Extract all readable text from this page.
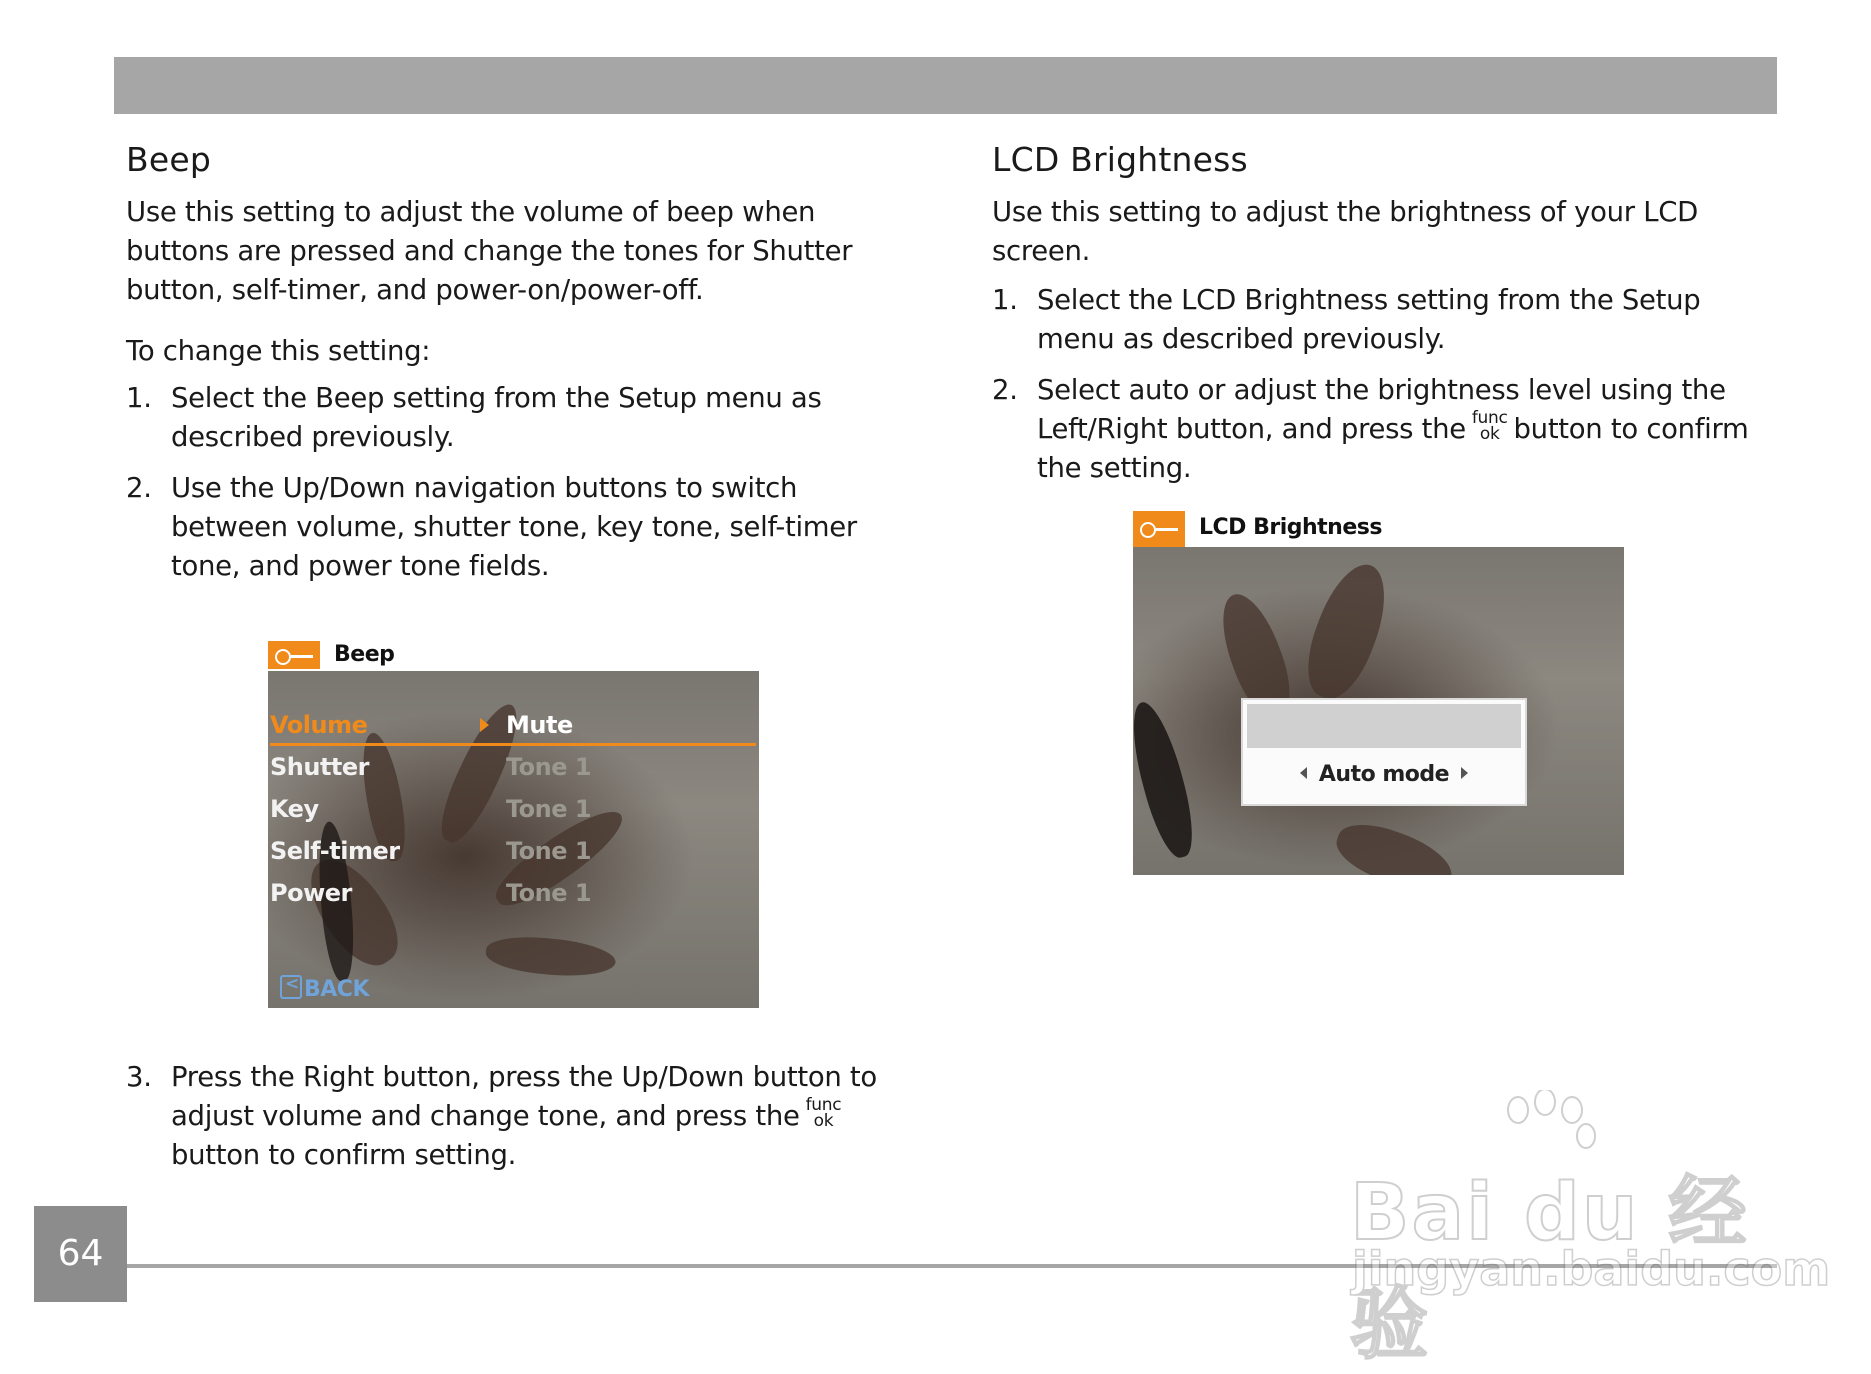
Beep

Use this setting to adjust the volume of beep when buttons are pressed and change the tones for Shutter button, self-timer, and power-on/power-off.

To change this setting:

1. Select the Beep setting from the Setup menu as described previously.
2. Use the Up/Down navigation buttons to switch between volume, shutter tone, key tone, self-timer tone, and power tone fields.
Beep
Volume	Mute
Shutter	Tone 1
Key	Tone 1
Self-timer	Tone 1
Power	Tone 1
<BACK
3. Press the Right button, press the Up/Down button to adjust volume and change tone, and press the func
ok
button to confirm setting.
LCD Brightness

Use this setting to adjust the brightness of your LCD screen.

1. Select the LCD Brightness setting from the Setup menu as described previously.
2. Select auto or adjust the brightness level using the Left/Right button, and press the func
ok button to confirm the setting.
LCD Brightness
Auto mode
64	Bai du 经验
jingyan.baidu.com
